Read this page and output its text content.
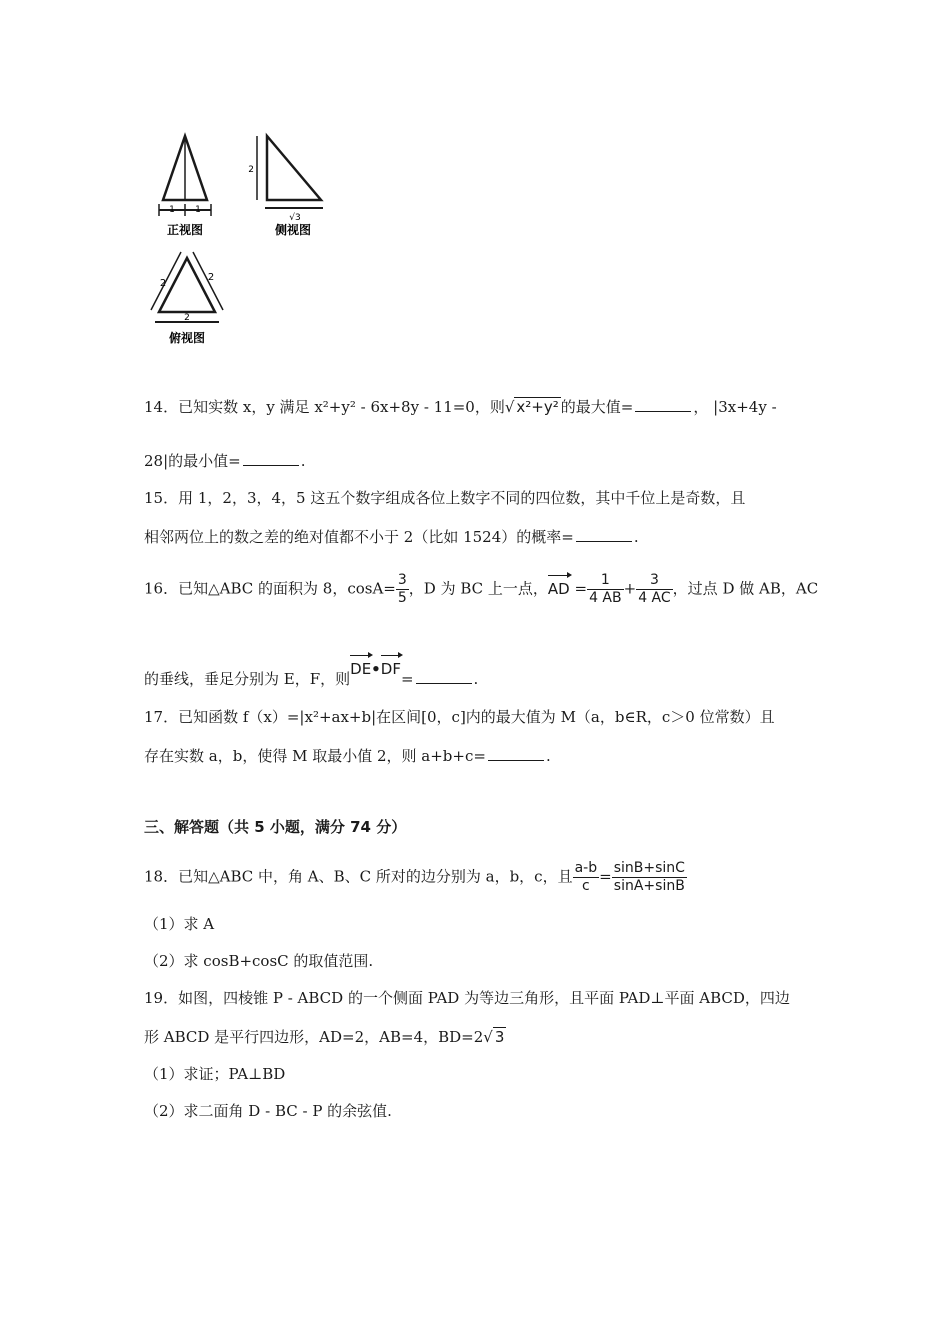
1 1
正视图
2
√3
侧视图
2
2
2
俯视图
14．已知实数 x，y 满足 x²+y² - 6x+8y - 11=0，则√ x²+y² 的最大值=	， |3x+4y -
28|的最小值=	.
15．用 1，2，3，4，5 这五个数字组成各位上数字不同的四位数，其中千位上是奇数，且
相邻两位上的数之差的绝对值都不小于 2（比如 1524）的概率=	.
16．已知△ABC 的面积为 8，$\cos A= \frac{3}{5}$ ，D 为 BC 上一点，AD = $\frac{1}{4 AB} + \frac{3}{4 AC}$ ，过点 D 做 AB，AC
的垂线，垂足分别为 E，F，则DE•DF=	.
17．已知函数 f（x）=|x²+ax+b|在区间[0，c]内的最大值为 M（a，b∈R，c＞0 位常数）且
存在实数 a，b，使得 M 取最小值 2，则 a+b+c=	.
三、解答题（共 5 小题，满分 74 分）
18．已知△ABC 中，角 A、B、C 所对的边分别为 a，b，c，且 $\frac{a-b}{c} = \frac{\sin B+\sin C}{\sin A+\sin B}$
（1）求 A
（2）求 cosB+cosC 的取值范围.
19．如图，四棱锥 P - ABCD 的一个侧面 PAD 为等边三角形，且平面 PAD⊥平面 ABCD，四边
形 ABCD 是平行四边形，AD=2，AB=4，BD=2√ 3
（1）求证；PA⊥BD
（2）求二面角 D - BC - P 的余弦值.
